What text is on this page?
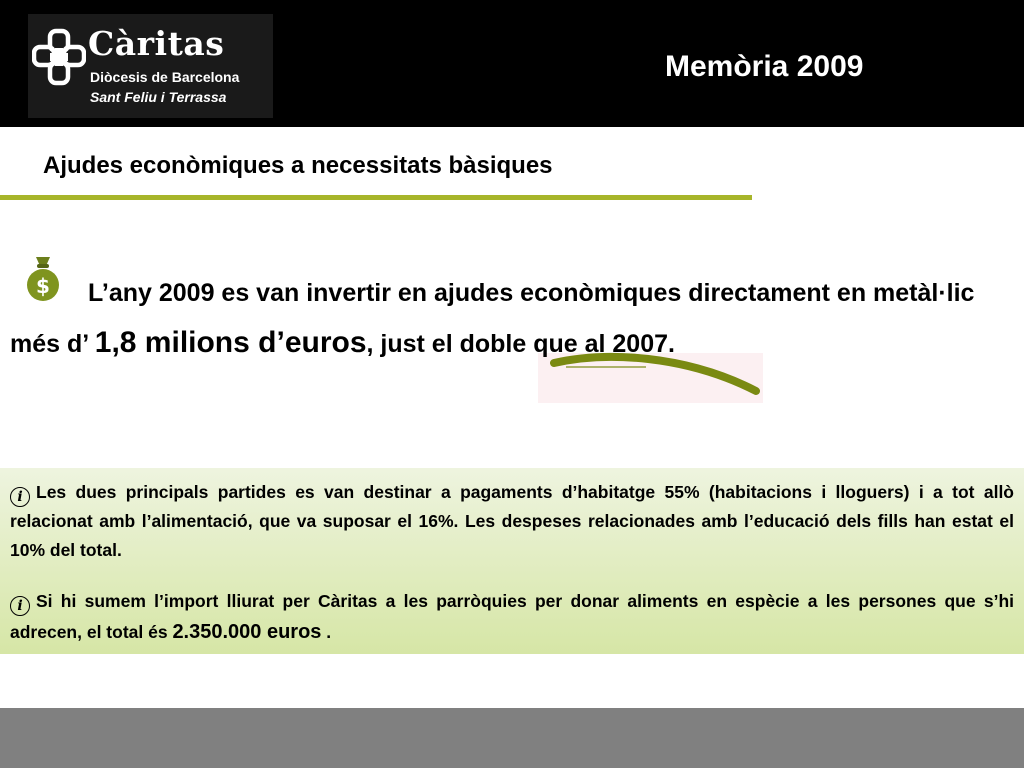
Càritas
Diòcesis de Barcelona
Sant Feliu i Terrassa
Memòria 2009
Ajudes econòmiques a necessitats bàsiques
$	L’any 2009 es van invertir en ajudes econòmiques directament en metàl·lic més d’ 1,8 milions d’euros, just el doble que al 2007.
i Les dues principals partides es van destinar a pagaments d’habitatge 55% (habitacions i lloguers) i a tot allò relacionat amb l’alimentació, que va suposar el 16%. Les despeses relacionades amb l’educació dels fills han estat el 10% del total.
i Si hi sumem l’import lliurat per Càritas a les parròquies per donar aliments en espècie a les persones que s’hi adrecen, el total és 2.350.000 euros .
